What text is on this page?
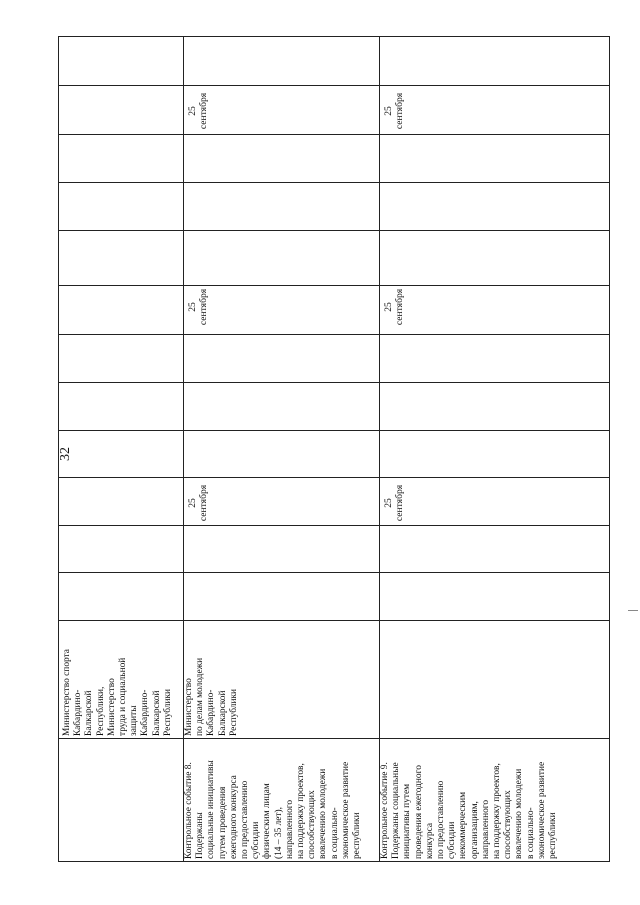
32
Министерство спорта Кабардино- Балкарской Республики, Министерство труда и социальной защиты Кабардино- Балкарской Республики
Контрольное событие 8. Подержаны социальные инициативы путем проведения ежегодного конкурса по предоставлению субсидии физическим лицам (14 – 35 лет), направленного на поддержку проектов, способствующих вовлечению молодежи в социально- экономическое развитие республики
Министерство по делам молодежи Кабардино- Балкарской Республики
25 сентября
25 сентября
25 сентября
Контрольное событие 9. Подержаны социальные инициативы путем проведения ежегодного конкурса по предоставлению субсидии некоммерческим организациям, направленного на поддержку проектов, способствующих вовлечению молодежи в социально- экономическое развитие республики
25 сентября
25 сентября
25 сентября
